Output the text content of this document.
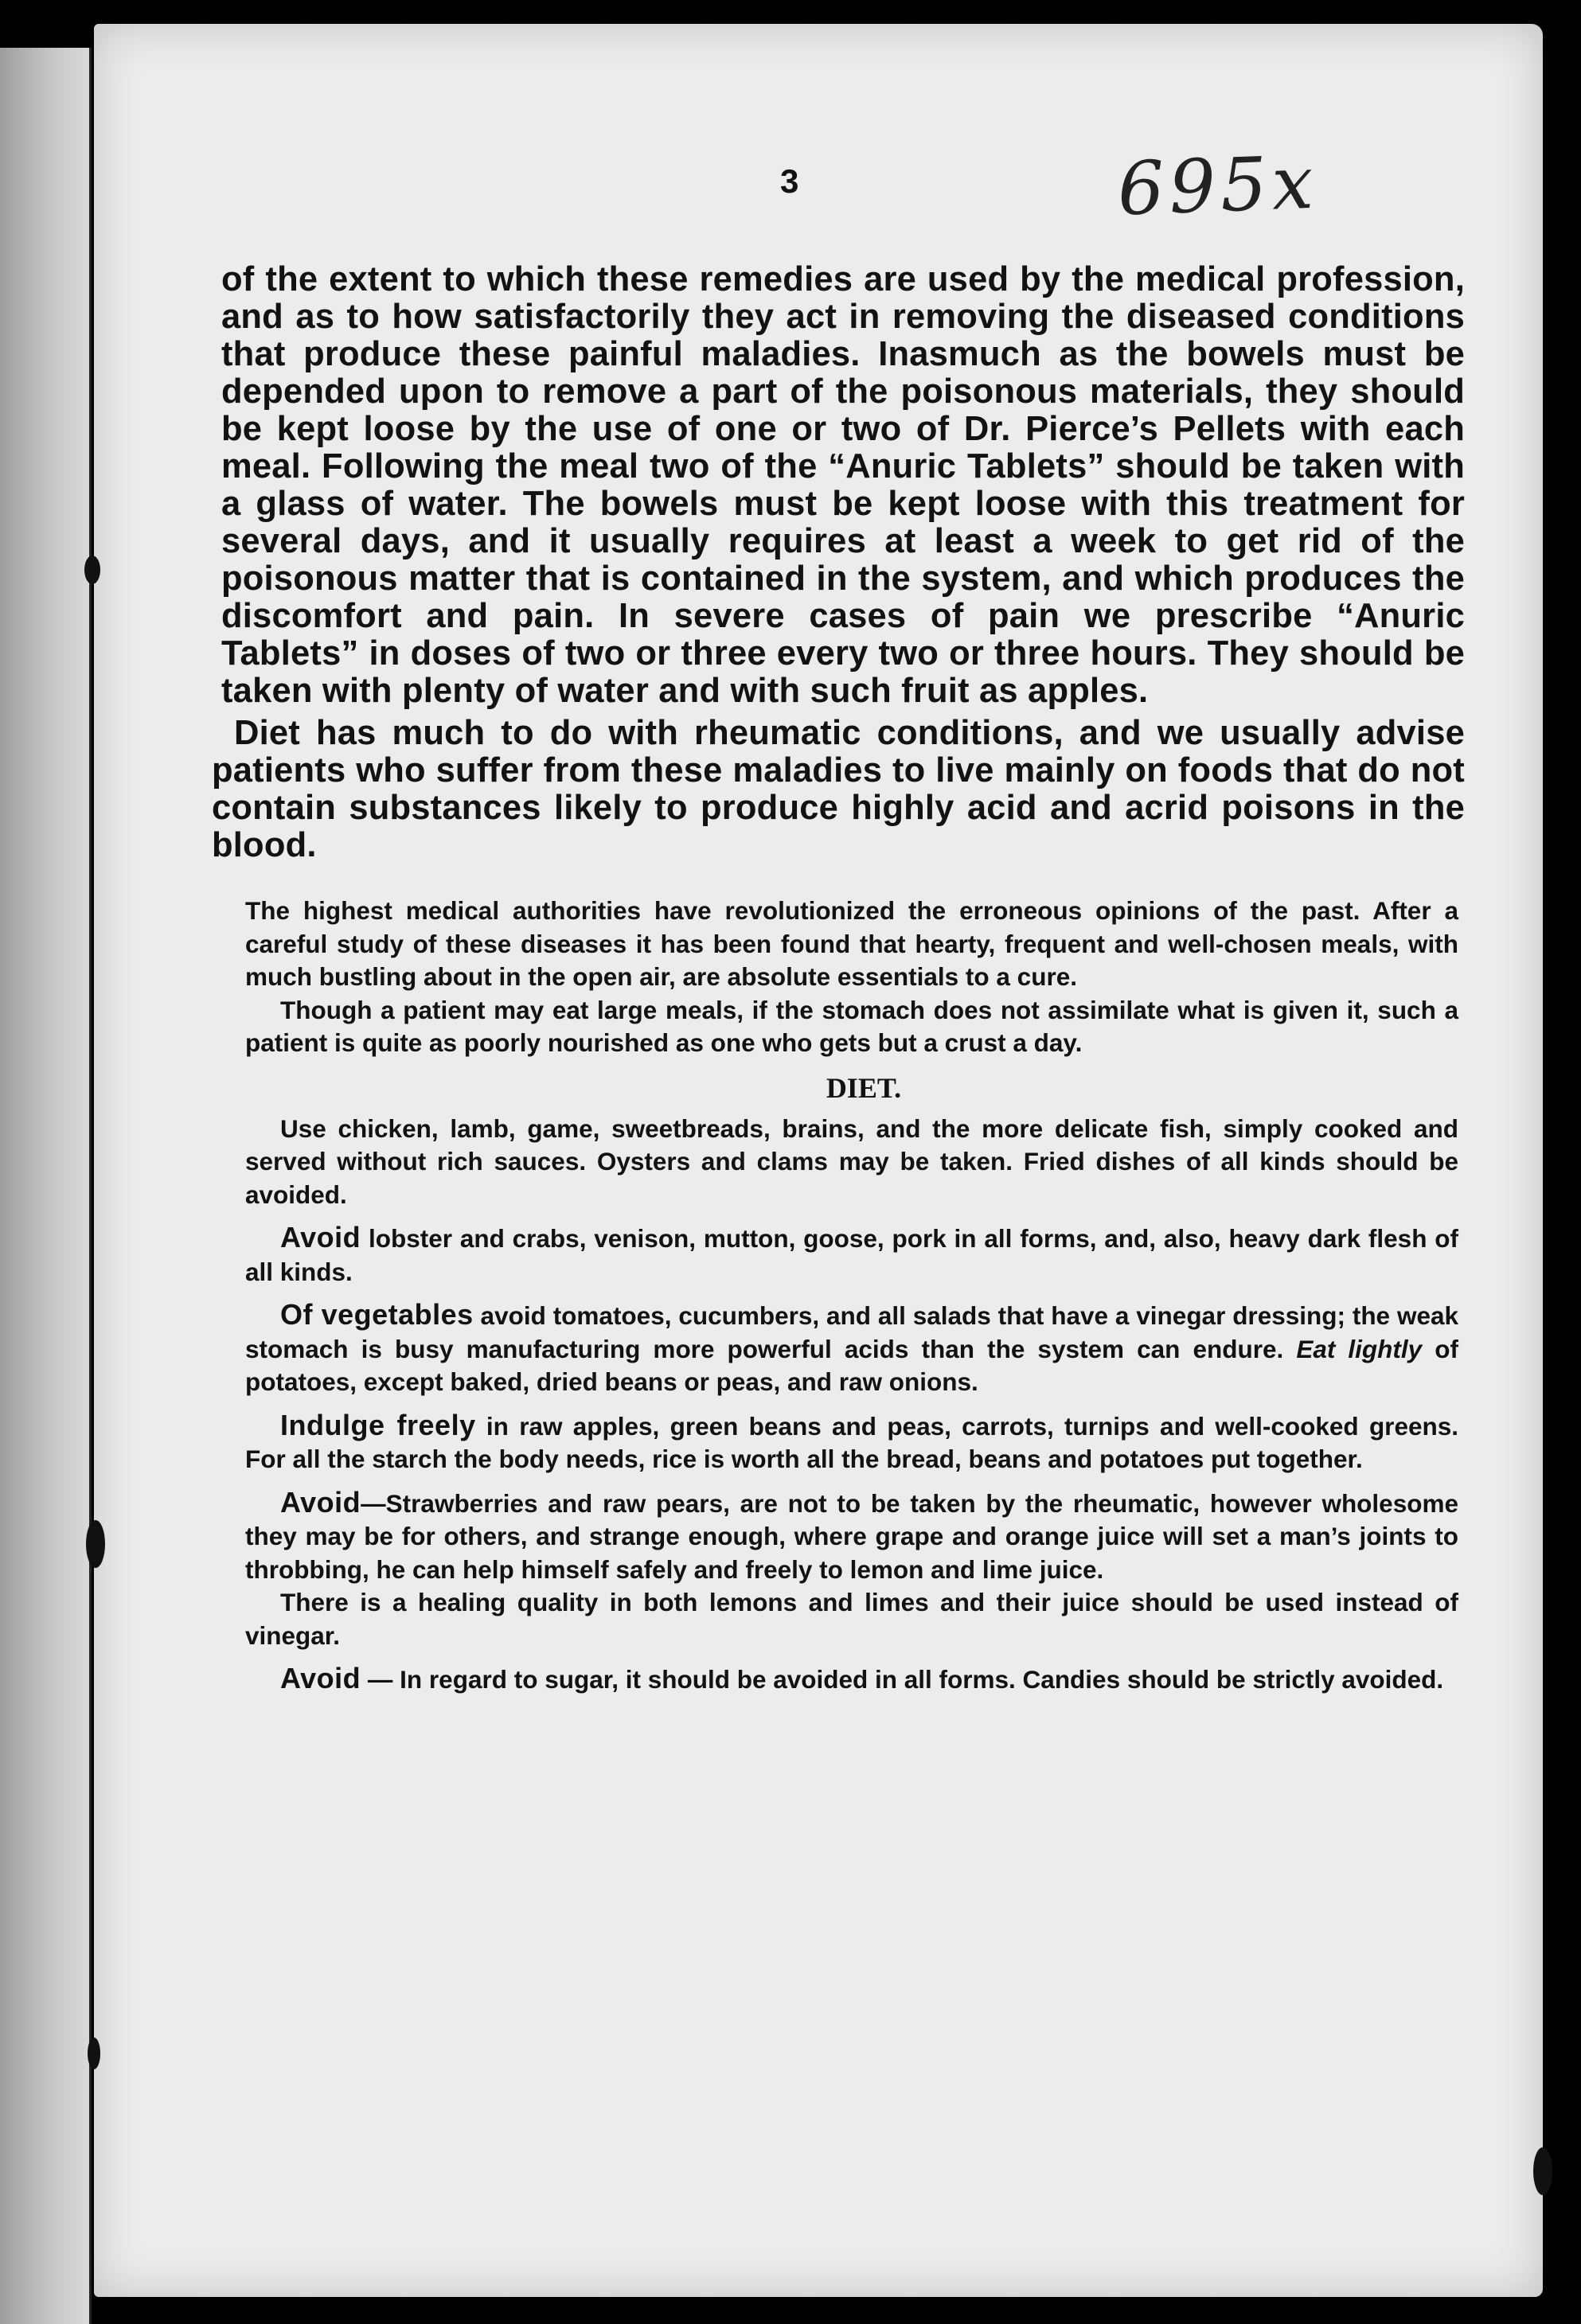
3	695x

of the extent to which these remedies are used by the medical profession, and as to how satisfactorily they act in removing the diseased conditions that produce these painful maladies. Inasmuch as the bowels must be depended upon to remove a part of the poisonous materials, they should be kept loose by the use of one or two of Dr. Pierce’s Pellets with each meal. Following the meal two of the “Anuric Tablets” should be taken with a glass of water. The bowels must be kept loose with this treatment for several days, and it usually requires at least a week to get rid of the poisonous matter that is contained in the system, and which produces the discomfort and pain. In severe cases of pain we prescribe “Anuric Tablets” in doses of two or three every two or three hours. They should be taken with plenty of water and with such fruit as apples.

Diet has much to do with rheumatic conditions, and we usually advise patients who suffer from these maladies to live mainly on foods that do not contain substances likely to produce highly acid and acrid poisons in the blood.

The highest medical authorities have revolutionized the erroneous opinions of the past. After a careful study of these diseases it has been found that hearty, frequent and well-chosen meals, with much bustling about in the open air, are absolute essentials to a cure.

Though a patient may eat large meals, if the stomach does not assimilate what is given it, such a patient is quite as poorly nourished as one who gets but a crust a day.

DIET.

Use chicken, lamb, game, sweetbreads, brains, and the more delicate fish, simply cooked and served without rich sauces. Oysters and clams may be taken. Fried dishes of all kinds should be avoided.

Avoid lobster and crabs, venison, mutton, goose, pork in all forms, and, also, heavy dark flesh of all kinds.

Of vegetables avoid tomatoes, cucumbers, and all salads that have a vinegar dressing; the weak stomach is busy manufacturing more powerful acids than the system can endure. Eat lightly of potatoes, except baked, dried beans or peas, and raw onions.

Indulge freely in raw apples, green beans and peas, carrots, turnips and well-cooked greens. For all the starch the body needs, rice is worth all the bread, beans and potatoes put together.

Avoid—Strawberries and raw pears, are not to be taken by the rheumatic, however wholesome they may be for others, and strange enough, where grape and orange juice will set a man’s joints to throbbing, he can help himself safely and freely to lemon and lime juice.

There is a healing quality in both lemons and limes and their juice should be used instead of vinegar.

Avoid — In regard to sugar, it should be avoided in all forms. Candies should be strictly avoided.
